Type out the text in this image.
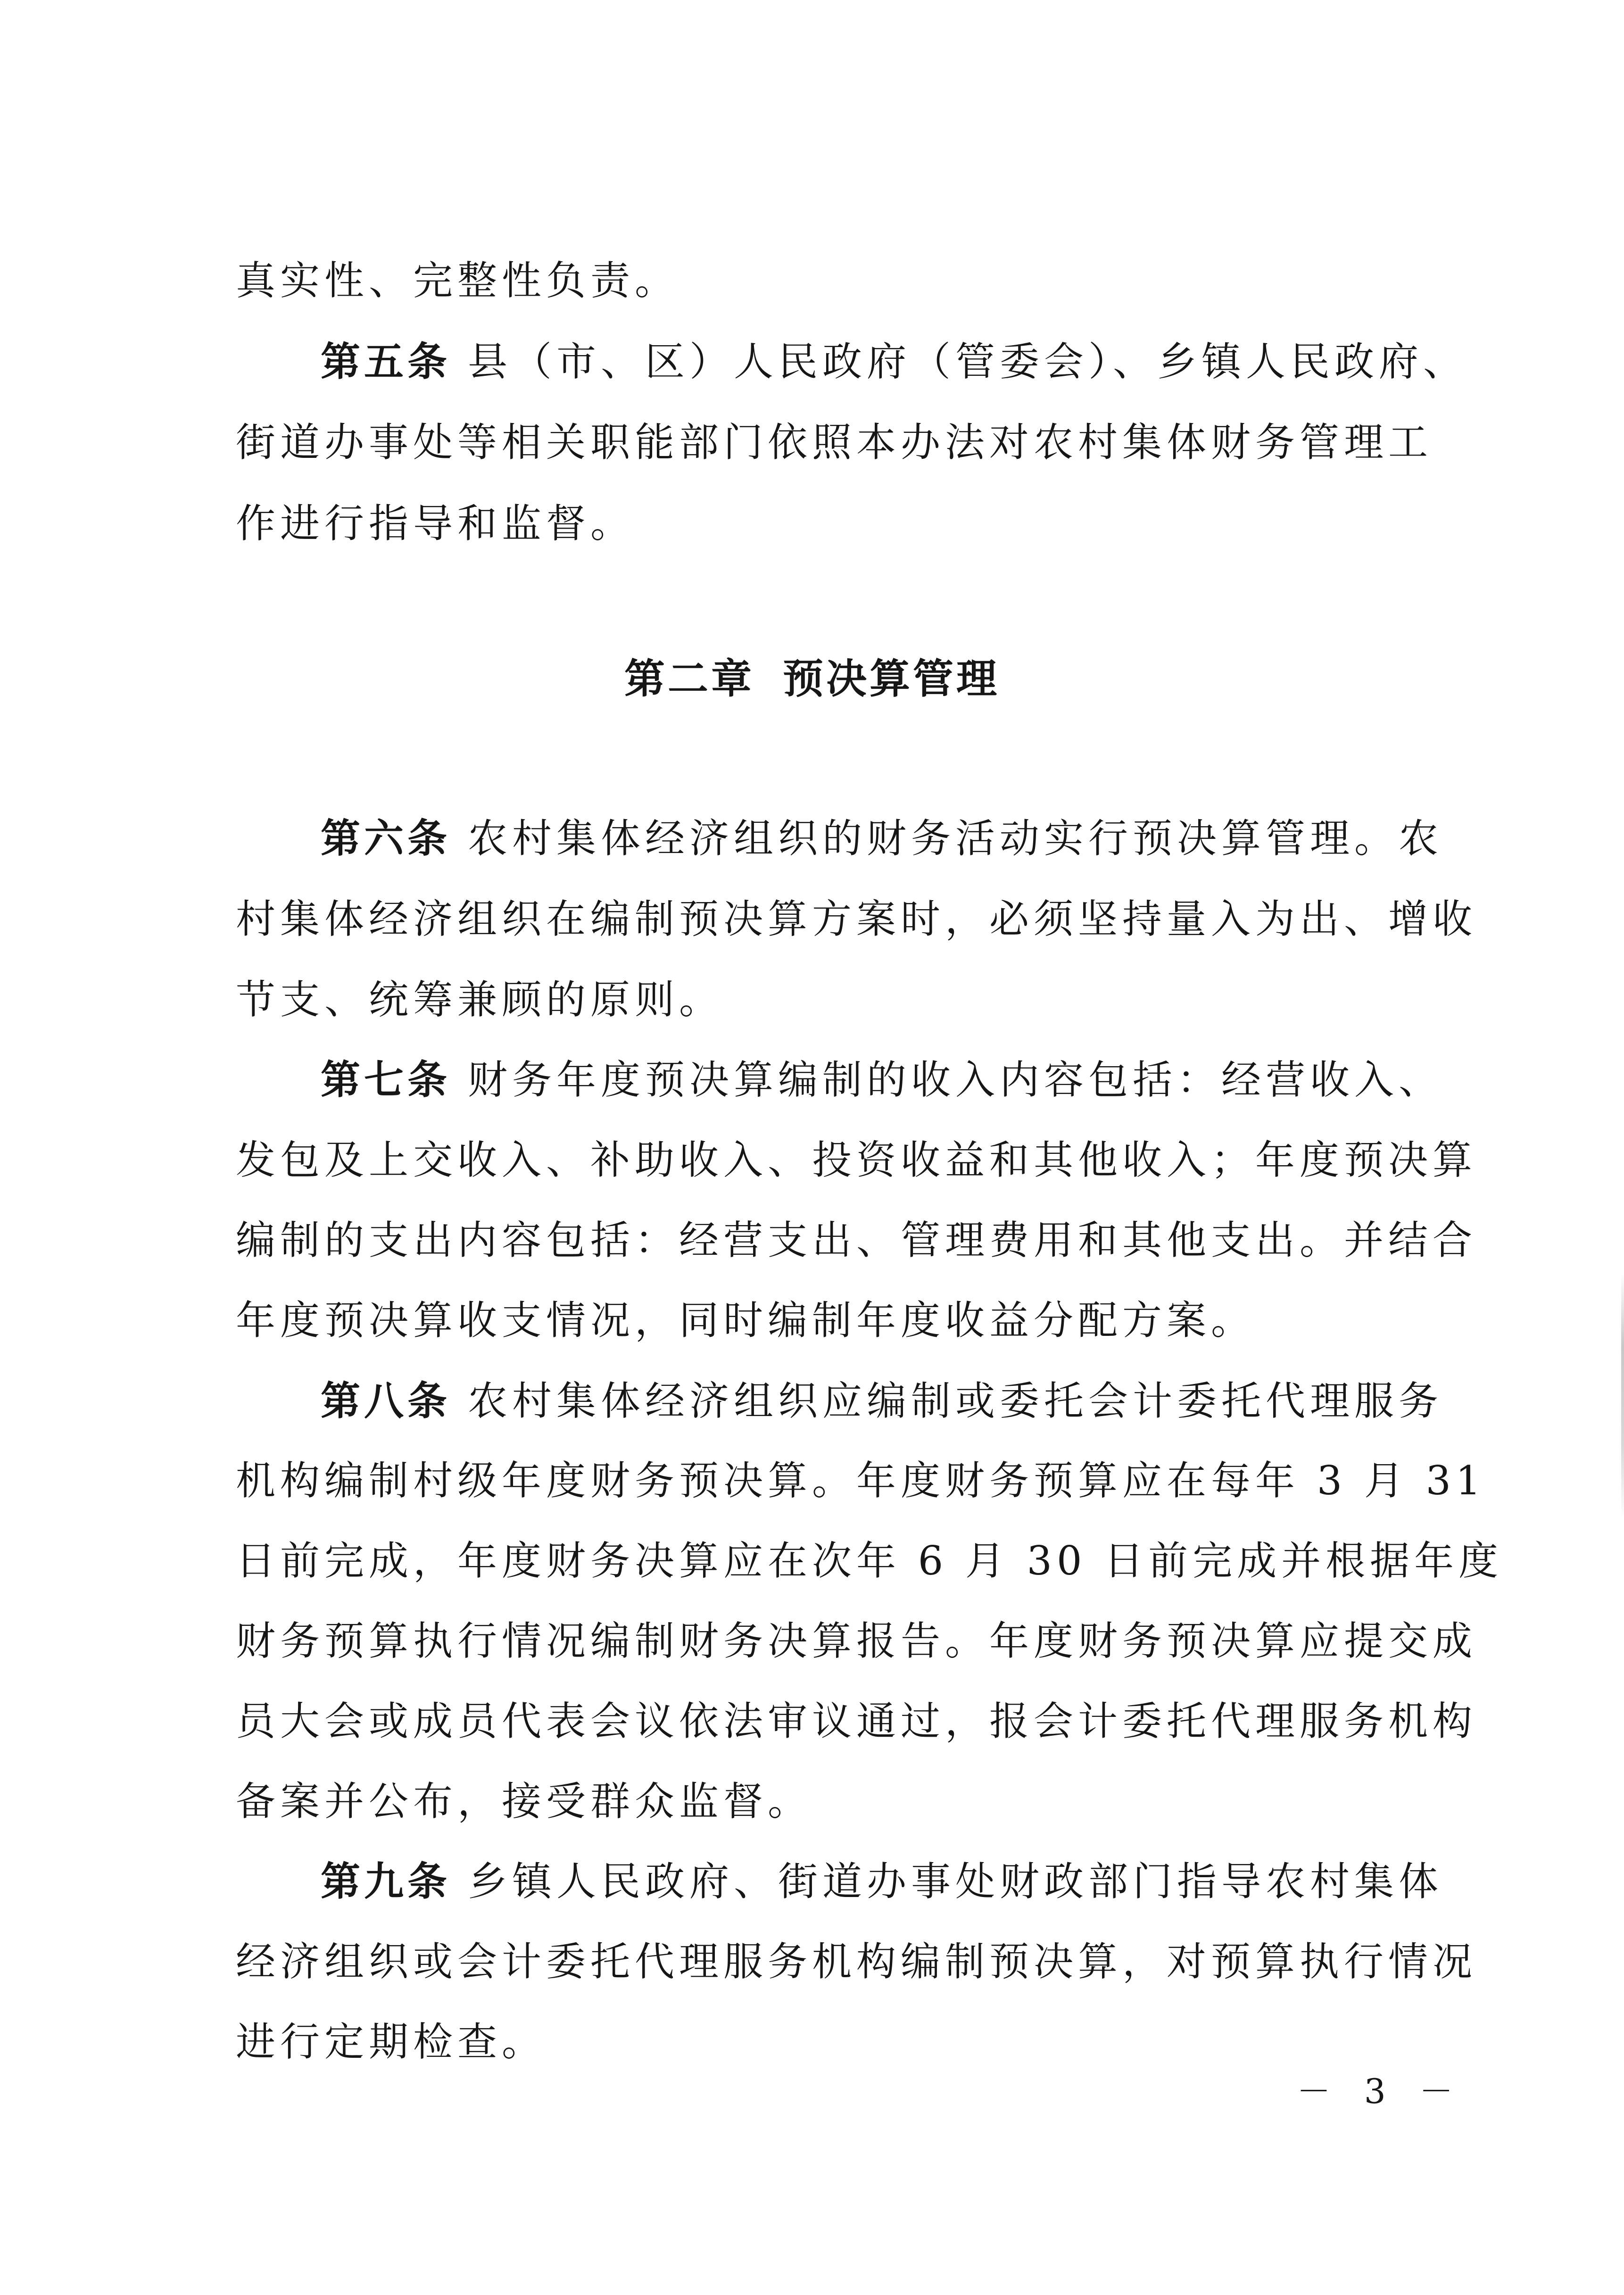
真实性、完整性负责。
第五条 县（市、区）人民政府（管委会）、乡镇人民政府、
街道办事处等相关职能部门依照本办法对农村集体财务管理工
作进行指导和监督。
第二章 预决算管理
第六条 农村集体经济组织的财务活动实行预决算管理。农
村集体经济组织在编制预决算方案时，必须坚持量入为出、增收
节支、统筹兼顾的原则。
第七条 财务年度预决算编制的收入内容包括：经营收入、
发包及上交收入、补助收入、投资收益和其他收入；年度预决算
编制的支出内容包括：经营支出、管理费用和其他支出。并结合
年度预决算收支情况，同时编制年度收益分配方案。
第八条 农村集体经济组织应编制或委托会计委托代理服务
机构编制村级年度财务预决算。年度财务预算应在每年 3 月 31
日前完成，年度财务决算应在次年 6 月 30 日前完成并根据年度
财务预算执行情况编制财务决算报告。年度财务预决算应提交成
员大会或成员代表会议依法审议通过，报会计委托代理服务机构
备案并公布，接受群众监督。
第九条 乡镇人民政府、街道办事处财政部门指导农村集体
经济组织或会计委托代理服务机构编制预决算，对预算执行情况
进行定期检查。
－ 3 －
